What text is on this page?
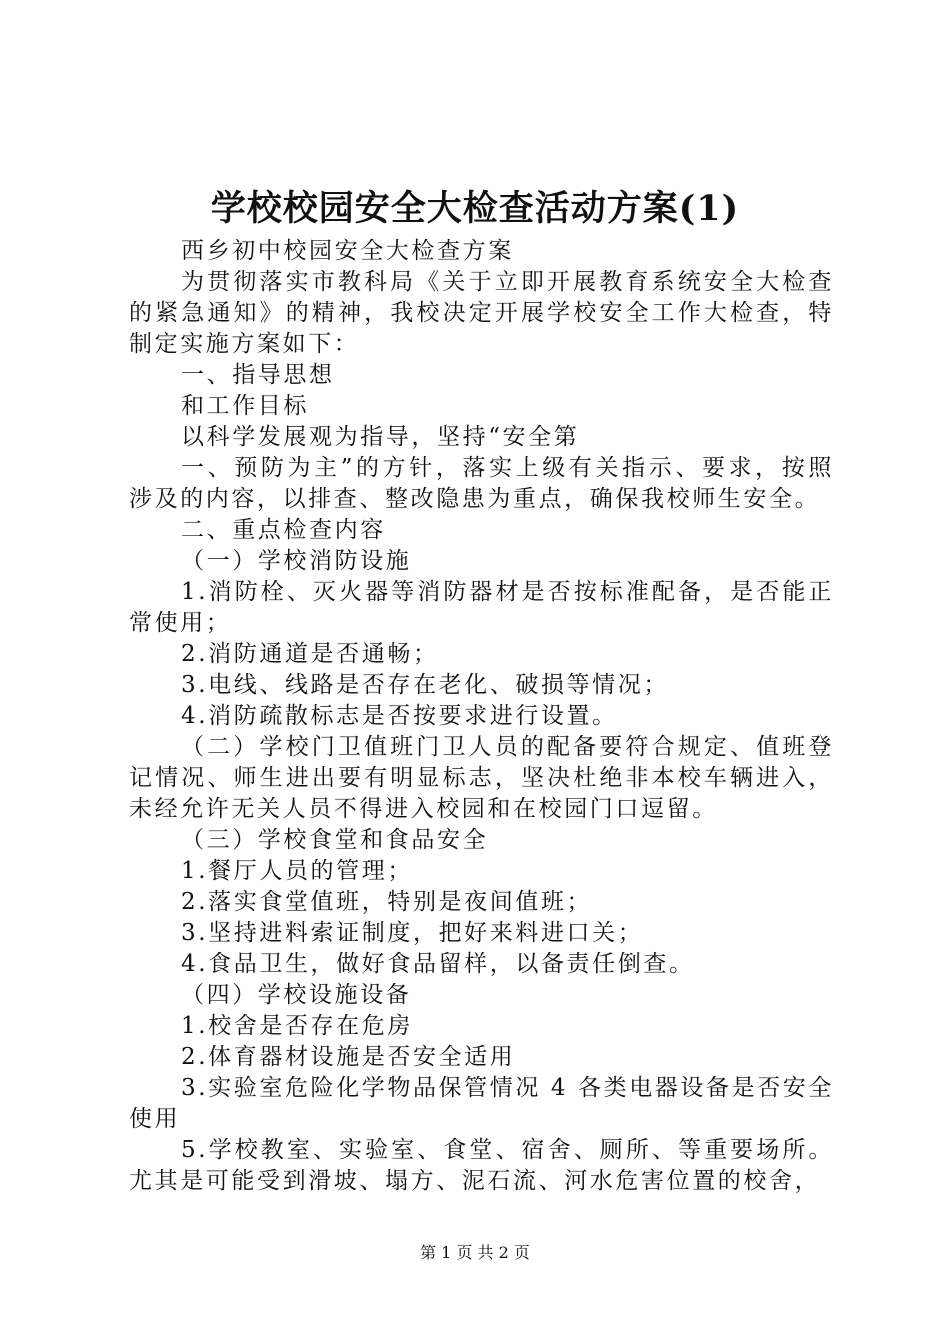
学校校园安全大检查活动方案(1)

西乡初中校园安全大检查方案

为贯彻落实市教科局《关于立即开展教育系统安全大检查的紧急通知》的精神，我校决定开展学校安全工作大检查，特制定实施方案如下：

一、指导思想

和工作目标

以科学发展观为指导，坚持“安全第

一、预防为主”的方针，落实上级有关指示、要求，按照涉及的内容，以排查、整改隐患为重点，确保我校师生安全。

二、重点检查内容

（一）学校消防设施

1.消防栓、灭火器等消防器材是否按标准配备，是否能正常使用；

2.消防通道是否通畅；

3.电线、线路是否存在老化、破损等情况；

4.消防疏散标志是否按要求进行设置。

（二）学校门卫值班门卫人员的配备要符合规定、值班登记情况、师生进出要有明显标志，坚决杜绝非本校车辆进入，未经允许无关人员不得进入校园和在校园门口逗留。

（三）学校食堂和食品安全

1.餐厅人员的管理；

2.落实食堂值班，特别是夜间值班；

3.坚持进料索证制度，把好来料进口关；

4.食品卫生，做好食品留样，以备责任倒查。

（四）学校设施设备

1.校舍是否存在危房

2.体育器材设施是否安全适用

3.实验室危险化学物品保管情况 4 各类电器设备是否安全使用

5.学校教室、实验室、食堂、宿舍、厕所、等重要场所。尤其是可能受到滑坡、塌方、泥石流、河水危害位置的校舍，

第 1 页 共 2 页
